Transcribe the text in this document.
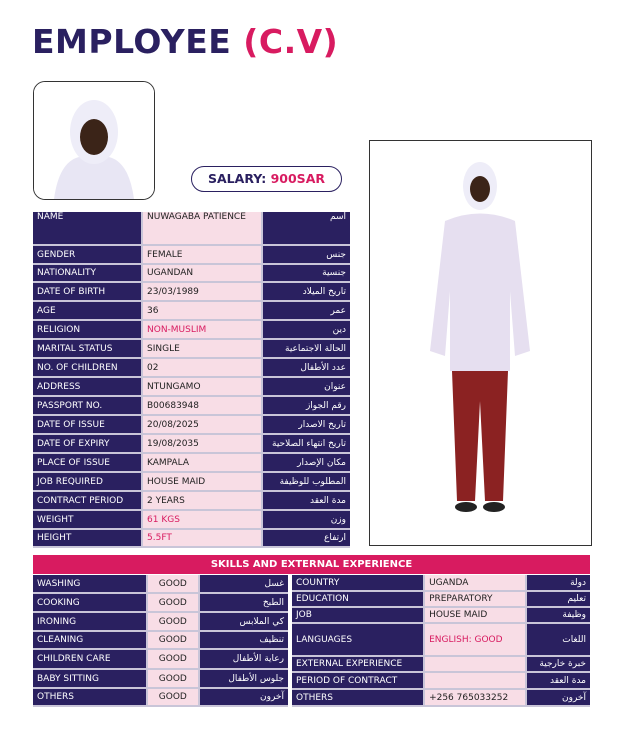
EMPLOYEE (C.V)
SALARY: 900SAR
NAME	NUWAGABA PATIENCE	اسم
GENDER	FEMALE	جنس
NATIONALITY	UGANDAN	جنسية
DATE OF BIRTH	23/03/1989	تاريخ الميلاد
AGE	36	عمر
RELIGION	NON-MUSLIM	دين
MARITAL STATUS	SINGLE	الحالة الاجتماعية
NO. OF CHILDREN	02	عدد الأطفال
ADDRESS	NTUNGAMO	عنوان
PASSPORT NO.	B00683948	رقم الجواز
DATE OF ISSUE	20/08/2025	تاريخ الاصدار
DATE OF EXPIRY	19/08/2035	تاريخ انتهاء الصلاحية
PLACE OF ISSUE	KAMPALA	مكان الإصدار
JOB REQUIRED	HOUSE MAID	المطلوب للوظيفة
CONTRACT PERIOD	2 YEARS	مدة العقد
WEIGHT	61 KGS	وزن
HEIGHT	5.5FT	ارتفاع
SKILLS AND EXTERNAL EXPERIENCE
WASHING	GOOD	غسل
COOKING	GOOD	الطبخ
IRONING	GOOD	كي الملابس
CLEANING	GOOD	تنظيف
CHILDREN CARE	GOOD	رعاية الأطفال
BABY SITTING	GOOD	جلوس الأطفال
OTHERS	GOOD	آخرون
COUNTRY	UGANDA	دولة
EDUCATION	PREPARATORY	تعليم
JOB	HOUSE MAID	وظيفة
LANGUAGES	ENGLISH: GOOD	اللغات
EXTERNAL EXPERIENCE		خبرة خارجية
PERIOD OF CONTRACT		مدة العقد
OTHERS	+256 765033252	آخرون
